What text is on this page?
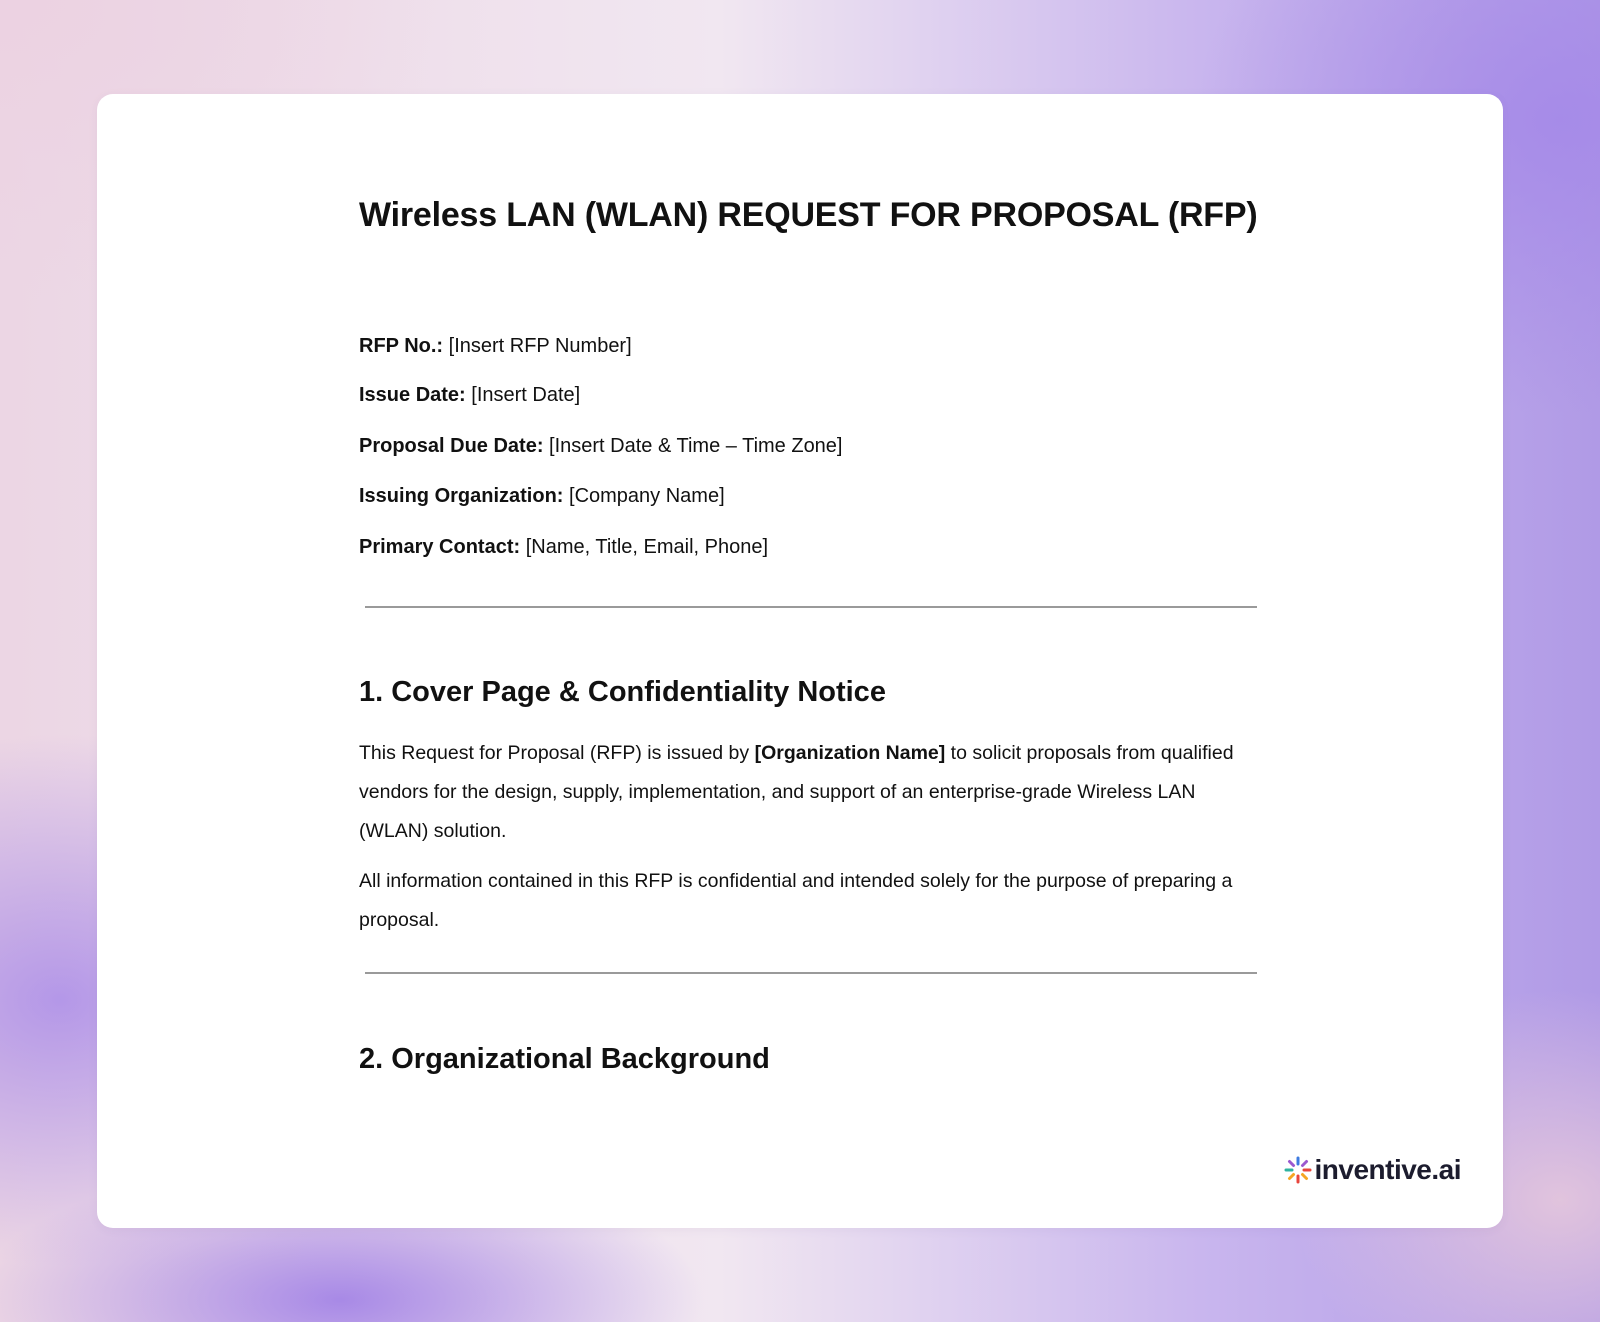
Wireless LAN (WLAN) REQUEST FOR PROPOSAL (RFP)
RFP No.: [Insert RFP Number]
Issue Date: [Insert Date]
Proposal Due Date: [Insert Date & Time – Time Zone]
Issuing Organization: [Company Name]
Primary Contact: [Name, Title, Email, Phone]
1. Cover Page & Confidentiality Notice

This Request for Proposal (RFP) is issued by [Organization Name] to solicit proposals from qualified vendors for the design, supply, implementation, and support of an enterprise-grade Wireless LAN (WLAN) solution.

All information contained in this RFP is confidential and intended solely for the purpose of preparing a proposal.

2. Organizational Background
inventive.ai
